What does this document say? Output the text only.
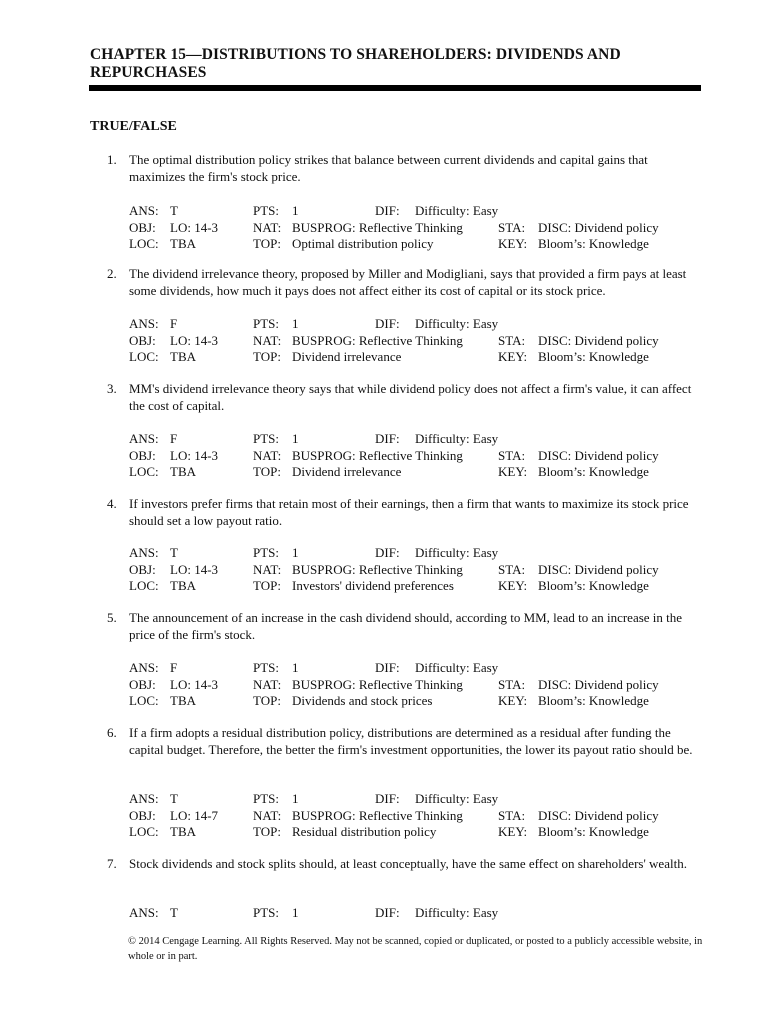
CHAPTER 15—DISTRIBUTIONS TO SHAREHOLDERS: DIVIDENDS AND REPURCHASES
TRUE/FALSE
1. The optimal distribution policy strikes that balance between current dividends and capital gains that maximizes the firm's stock price.
ANS: T	PTS: 1	DIF: Difficulty: Easy
OBJ: LO: 14-3	NAT: BUSPROG: Reflective Thinking	STA: DISC: Dividend policy
LOC: TBA	TOP: Optimal distribution policy	KEY: Bloom’s: Knowledge
2. The dividend irrelevance theory, proposed by Miller and Modigliani, says that provided a firm pays at least some dividends, how much it pays does not affect either its cost of capital or its stock price.
ANS: F	PTS: 1	DIF: Difficulty: Easy
OBJ: LO: 14-3	NAT: BUSPROG: Reflective Thinking	STA: DISC: Dividend policy
LOC: TBA	TOP: Dividend irrelevance	KEY: Bloom’s: Knowledge
3. MM's dividend irrelevance theory says that while dividend policy does not affect a firm's value, it can affect the cost of capital.
ANS: F	PTS: 1	DIF: Difficulty: Easy
OBJ: LO: 14-3	NAT: BUSPROG: Reflective Thinking	STA: DISC: Dividend policy
LOC: TBA	TOP: Dividend irrelevance	KEY: Bloom’s: Knowledge
4. If investors prefer firms that retain most of their earnings, then a firm that wants to maximize its stock price should set a low payout ratio.
ANS: T	PTS: 1	DIF: Difficulty: Easy
OBJ: LO: 14-3	NAT: BUSPROG: Reflective Thinking	STA: DISC: Dividend policy
LOC: TBA	TOP: Investors' dividend preferences	KEY: Bloom’s: Knowledge
5. The announcement of an increase in the cash dividend should, according to MM, lead to an increase in the price of the firm's stock.
ANS: F	PTS: 1	DIF: Difficulty: Easy
OBJ: LO: 14-3	NAT: BUSPROG: Reflective Thinking	STA: DISC: Dividend policy
LOC: TBA	TOP: Dividends and stock prices	KEY: Bloom’s: Knowledge
6. If a firm adopts a residual distribution policy, distributions are determined as a residual after funding the capital budget. Therefore, the better the firm's investment opportunities, the lower its payout ratio should be.
ANS: T	PTS: 1	DIF: Difficulty: Easy
OBJ: LO: 14-7	NAT: BUSPROG: Reflective Thinking	STA: DISC: Dividend policy
LOC: TBA	TOP: Residual distribution policy	KEY: Bloom’s: Knowledge
7. Stock dividends and stock splits should, at least conceptually, have the same effect on shareholders' wealth.
ANS: T	PTS: 1	DIF: Difficulty: Easy
© 2014 Cengage Learning. All Rights Reserved. May not be scanned, copied or duplicated, or posted to a publicly accessible website, in whole or in part.
